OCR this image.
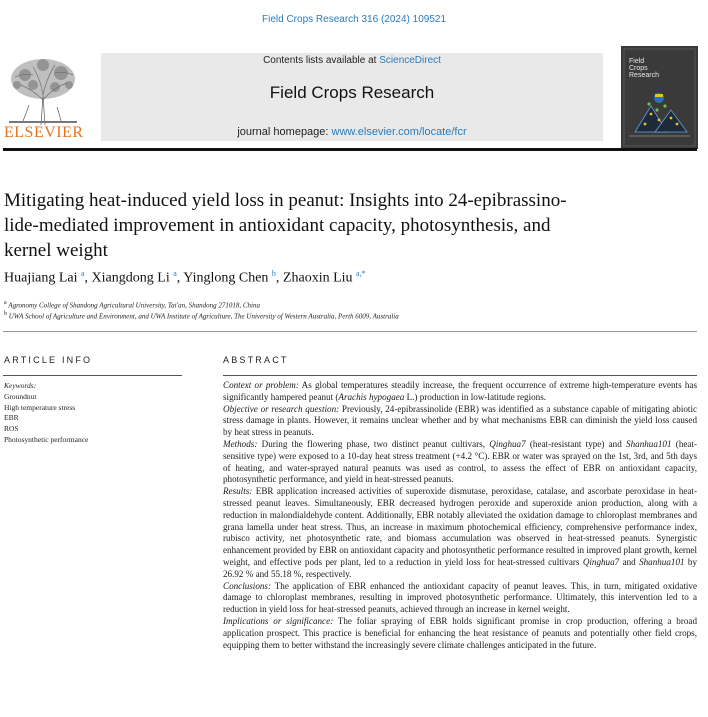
Field Crops Research 316 (2024) 109521
ELSEVIER
Contents lists available at ScienceDirect
Field Crops Research
journal homepage: www.elsevier.com/locate/fcr
Field
Crops
Research
Mitigating heat-induced yield loss in peanut: Insights into 24-epibrassino-
lide-mediated improvement in antioxidant capacity, photosynthesis, and
kernel weight
Huajiang Lai $^a$, Xiangdong Li $^a$, Yinglong Chen $^b$, Zhaoxin Liu $^{a,*}$
$^a$ Agronomy College of Shandong Agricultural University, Tai'an, Shandong 271018, China
$^b$ UWA School of Agriculture and Environment, and UWA Institute of Agriculture, The University of Western Australia, Perth 6009, Australia
ARTICLE INFO
Keywords:
Groundnut
High temperature stress
EBR
ROS
Photosynthetic performance
ABSTRACT

Context or problem: As global temperatures steadily increase, the frequent occurrence of extreme high-temperature events has significantly hampered peanut (Arachis hypogaea L.) production in low-latitude regions.

Objective or research question: Previously, 24-epibrassinolide (EBR) was identified as a substance capable of mitigating abiotic stress damage in plants. However, it remains unclear whether and by what mechanisms EBR can diminish the yield loss caused by heat stress in peanuts.

Methods: During the flowering phase, two distinct peanut cultivars, Qinghua7 (heat-resistant type) and Shanhua101 (heat-sensitive type) were exposed to a 10-day heat stress treatment (+4.2 °C). EBR or water was sprayed on the 1st, 3rd, and 5th days of heating, and water-sprayed natural peanuts was used as control, to assess the effect of EBR on antioxidant capacity, photosynthetic performance, and yield in heat-stressed peanuts.

Results: EBR application increased activities of superoxide dismutase, peroxidase, catalase, and ascorbate peroxidase in heat-stressed peanut leaves. Simultaneously, EBR decreased hydrogen peroxide and superoxide anion production, along with a reduction in malondialdehyde content. Additionally, EBR notably alleviated the oxidation damage to chloroplast membranes and grana lamella under heat stress. Thus, an increase in maximum photochemical efficiency, comprehensive performance index, rubisco activity, net photosynthetic rate, and biomass accumulation was observed in heat-stressed peanuts. Synergistic enhancement provided by EBR on antioxidant capacity and photosynthetic performance resulted in improved plant growth, kernel weight, and effective pods per plant, led to a reduction in yield loss for heat-stressed cultivars Qinghua7 and Shanhua101 by 26.92 % and 55.18 %, respectively.

Conclusions: The application of EBR enhanced the antioxidant capacity of peanut leaves. This, in turn, mitigated oxidative damage to chloroplast membranes, resulting in improved photosynthetic performance. Ultimately, this intervention led to a reduction in yield loss for heat-stressed peanuts, achieved through an increase in kernel weight.

Implications or significance: The foliar spraying of EBR holds significant promise in crop production, offering a broad application prospect. This practice is beneficial for enhancing the heat resistance of peanuts and potentially other field crops, equipping them to better withstand the increasingly severe climate challenges anticipated in the future.
